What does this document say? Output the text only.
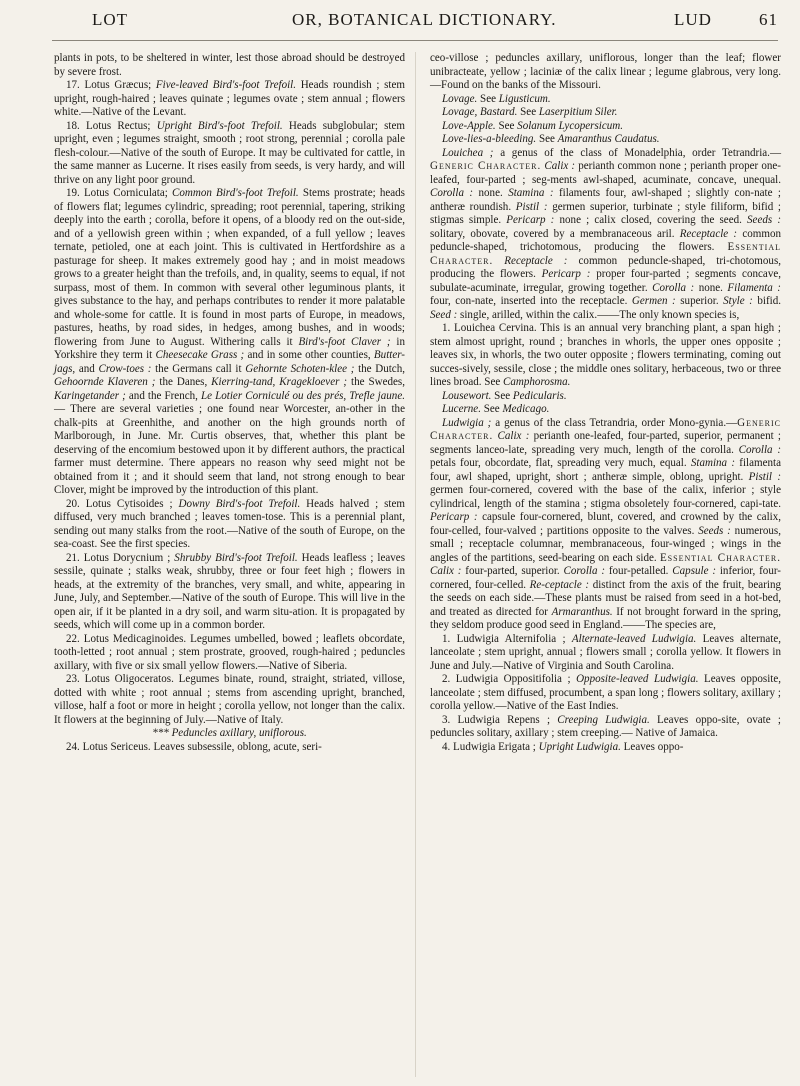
LOT	OR, BOTANICAL DICTIONARY.	LUD	61

plants in pots, to be sheltered in winter, lest those abroad should be destroyed by severe frost.

17. Lotus Græcus; Five-leaved Bird's-foot Trefoil. Heads roundish ; stem upright, rough-haired ; leaves quinate ; legumes ovate ; stem annual ; flowers white.—Native of the Levant.

18. Lotus Rectus; Upright Bird's-foot Trefoil. Heads subglobular; stem upright, even ; legumes straight, smooth ; root strong, perennial ; corolla pale flesh-colour.—Native of the south of Europe. It may be cultivated for cattle, in the same manner as Lucerne. It rises easily from seeds, is very hardy, and will thrive on any light poor ground.

19. Lotus Corniculata; Common Bird's-foot Trefoil. Stems prostrate; heads of flowers flat; legumes cylindric, spreading; root perennial, tapering, striking deeply into the earth ; corolla, before it opens, of a bloody red on the out-side, and of a yellowish green within ; when expanded, of a full yellow ; leaves ternate, petioled, one at each joint. This is cultivated in Hertfordshire as a pasturage for sheep. It makes extremely good hay ; and in moist meadows grows to a greater height than the trefoils, and, in quality, seems to equal, if not surpass, most of them. In common with several other leguminous plants, it gives substance to the hay, and perhaps contributes to render it more palatable and whole-some for cattle. It is found in most parts of Europe, in meadows, pastures, heaths, by road sides, in hedges, among bushes, and in woods; flowering from June to August. Withering calls it Bird's-foot Claver ; in Yorkshire they term it Cheesecake Grass ; and in some other counties, Butter-jags, and Crow-toes : the Germans call it Gehornte Schoten-klee ; the Dutch, Gehoornde Klaveren ; the Danes, Kierring-tand, Kragekloever ; the Swedes, Karingetander ; and the French, Le Lotier Corniculé ou des prés, Trefle jaune.— There are several varieties ; one found near Worcester, an-other in the chalk-pits at Greenhithe, and another on the high grounds north of Marlborough, in June. Mr. Curtis observes, that, whether this plant be deserving of the encomium bestowed upon it by different authors, the practical farmer must determine. There appears no reason why seed might not be obtained from it ; and it should seem that land, not strong enough to bear Clover, might be improved by the introduction of this plant.

20. Lotus Cytisoides ; Downy Bird's-foot Trefoil. Heads halved ; stem diffused, very much branched ; leaves tomen-tose. This is a perennial plant, sending out many stalks from the root.—Native of the south of Europe, on the sea-coast. See the first species.

21. Lotus Dorycnium ; Shrubby Bird's-foot Trefoil. Heads leafless ; leaves sessile, quinate ; stalks weak, shrubby, three or four feet high ; flowers in heads, at the extremity of the branches, very small, and white, appearing in June, July, and September.—Native of the south of Europe. This will live in the open air, if it be planted in a dry soil, and warm situ-ation. It is propagated by seeds, which will come up in a common border.

22. Lotus Medicaginoides. Legumes umbelled, bowed ; leaflets obcordate, tooth-letted ; root annual ; stem prostrate, grooved, rough-haired ; peduncles axillary, with five or six small yellow flowers.—Native of Siberia.

23. Lotus Oligoceratos. Legumes binate, round, straight, striated, villose, dotted with white ; root annual ; stems from ascending upright, branched, villose, half a foot or more in height ; corolla yellow, not longer than the calix. It flowers at the beginning of July.—Native of Italy.

*** Peduncles axillary, uniflorous.

24. Lotus Sericeus. Leaves subsessile, oblong, acute, seri-

ceo-villose ; peduncles axillary, uniflorous, longer than the leaf; flower unibracteate, yellow ; laciniæ of the calix linear ; legume glabrous, very long.—Found on the banks of the Missouri.

Lovage. See Ligusticum.

Lovage, Bastard. See Laserpitium Siler.

Love-Apple. See Solanum Lycopersicum.

Love-lies-a-bleeding. See Amaranthus Caudatus.

Louichea ; a genus of the class of Monadelphia, order Tetrandria.—Generic Character. Calix : perianth common none ; perianth proper one-leafed, four-parted ; seg-ments awl-shaped, acuminate, concave, unequal. Corolla : none. Stamina : filaments four, awl-shaped ; slightly con-nate ; antheræ roundish. Pistil : germen superior, turbinate ; style filiform, bifid ; stigmas simple. Pericarp : none ; calix closed, covering the seed. Seeds : solitary, obovate, covered by a membranaceous aril. Receptacle : common peduncle-shaped, trichotomous, producing the flowers. Essential Character. Receptacle : common peduncle-shaped, tri-chotomous, producing the flowers. Pericarp : proper four-parted ; segments concave, subulate-acuminate, irregular, growing together. Corolla : none. Filamenta : four, con-nate, inserted into the receptacle. Germen : superior. Style : bifid. Seed : single, arilled, within the calix.——The only known species is,

1. Louichea Cervina. This is an annual very branching plant, a span high ; stem almost upright, round ; branches in whorls, the upper ones opposite ; leaves six, in whorls, the two outer opposite ; flowers terminating, coming out succes-sively, sessile, close ; the middle ones solitary, herbaceous, two or three lines broad. See Camphorosma.

Lousewort. See Pedicularis.

Lucerne. See Medicago.

Ludwigia ; a genus of the class Tetrandria, order Mono-gynia.—Generic Character. Calix : perianth one-leafed, four-parted, superior, permanent ; segments lanceo-late, spreading very much, length of the corolla. Corolla : petals four, obcordate, flat, spreading very much, equal. Stamina : filamenta four, awl shaped, upright, short ; antheræ simple, oblong, upright. Pistil : germen four-cornered, covered with the base of the calix, inferior ; style cylindrical, length of the stamina ; stigma obsoletely four-cornered, capi-tate. Pericarp : capsule four-cornered, blunt, covered, and crowned by the calix, four-celled, four-valved ; partitions opposite to the valves. Seeds : numerous, small ; receptacle columnar, membranaceous, four-winged ; wings in the angles of the partitions, seed-bearing on each side. Essential Character. Calix : four-parted, superior. Corolla : four-petalled. Capsule : inferior, four-cornered, four-celled. Re-ceptacle : distinct from the axis of the fruit, bearing the seeds on each side.—These plants must be raised from seed in a hot-bed, and treated as directed for Armaranthus. If not brought forward in the spring, they seldom produce good seed in England.——The species are,

1. Ludwigia Alternifolia ; Alternate-leaved Ludwigia. Leaves alternate, lanceolate ; stem upright, annual ; flowers small ; corolla yellow. It flowers in June and July.—Native of Virginia and South Carolina.

2. Ludwigia Oppositifolia ; Opposite-leaved Ludwigia. Leaves opposite, lanceolate ; stem diffused, procumbent, a span long ; flowers solitary, axillary ; corolla yellow.—Native of the East Indies.

3. Ludwigia Repens ; Creeping Ludwigia. Leaves oppo-site, ovate ; peduncles solitary, axillary ; stem creeping.— Native of Jamaica.

4. Ludwigia Erigata ; Upright Ludwigia. Leaves oppo-
